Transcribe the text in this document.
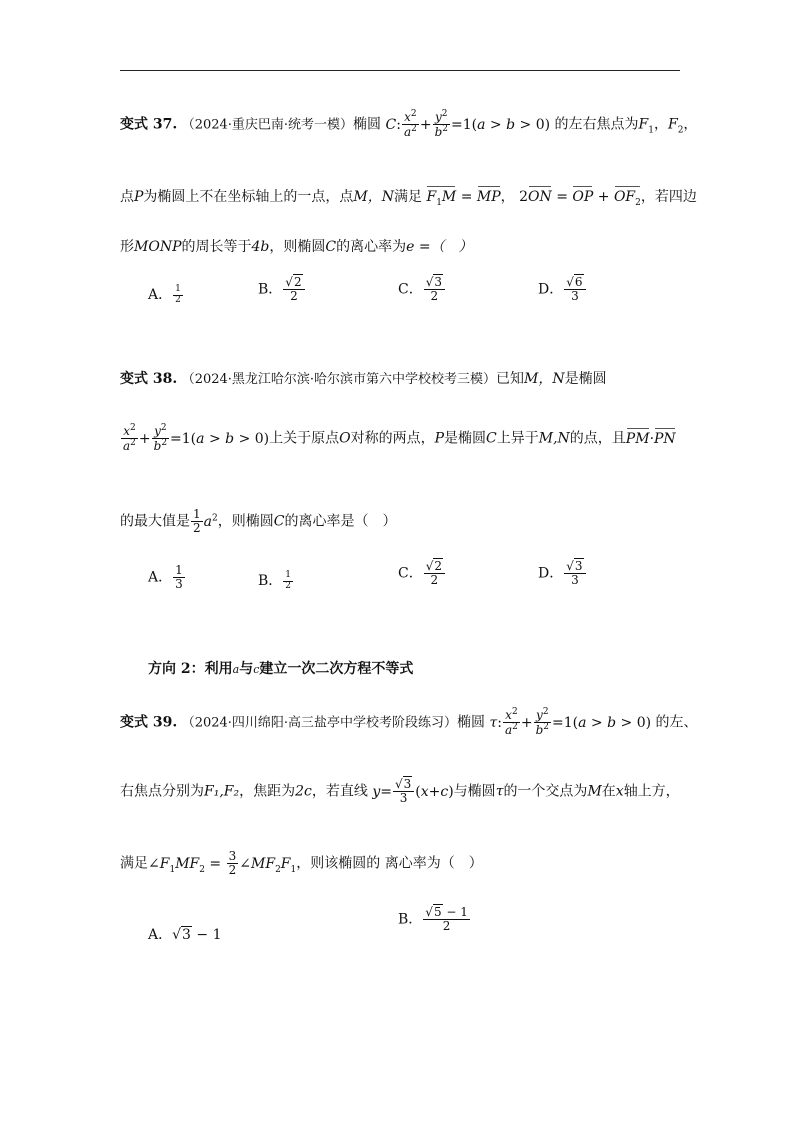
变式 37. （2024·重庆巴南·统考一模）椭圆 C: $\frac{x^2}{a^2} + \frac{y^2}{b^2} =1(a > b > 0)$ 的左右焦点为$F_1$，$F_2$，
点P为椭圆上不在坐标轴上的一点，点M，N满足 $F_1M$ = MP， 2ON = OP + $OF_2$，若四边
形MONP的周长等于4b，则椭圆C的离心率为e =（　）
A． $\frac{1}{2}$	B． $\frac{√2}{2}$	C． $\frac{√3}{2}$	D． $\frac{√6}{3}$
变式 38. （2024·黑龙江哈尔滨·哈尔滨市第六中学校校考三模）已知M，N是椭圆
$\frac{x^2}{a^2} + \frac{y^2}{b^2} =1(a > b > 0)$上关于原点O对称的两点，P是椭圆C上异于M,N的点，且PM·PN
的最大值是 $\frac{1}{2} a^2$，则椭圆C的离心率是（　）
A． $\frac{1}{3}$	B． $\frac{1}{2}$	C． $\frac{√2}{2}$	D． $\frac{√3}{3}$
方向 2：利用a与c建立一次二次方程不等式
变式 39. （2024·四川绵阳·高三盐亭中学校考阶段练习）椭圆 τ: $\frac{x^2}{a^2} + \frac{y^2}{b^2} =1(a > b > 0)$ 的左、
右焦点分别为F₁,F₂，焦距为2c，若直线 $y= \frac{√3}{3} (x+c)$与椭圆τ的一个交点为M在x轴上方，
满足$\angle F_1MF_2 = \frac{3}{2}$ $\angle MF_2F_1$，则该椭圆的 离心率为（　）
A．√3 − 1
B． $\frac{√5 - 1}{2}$
